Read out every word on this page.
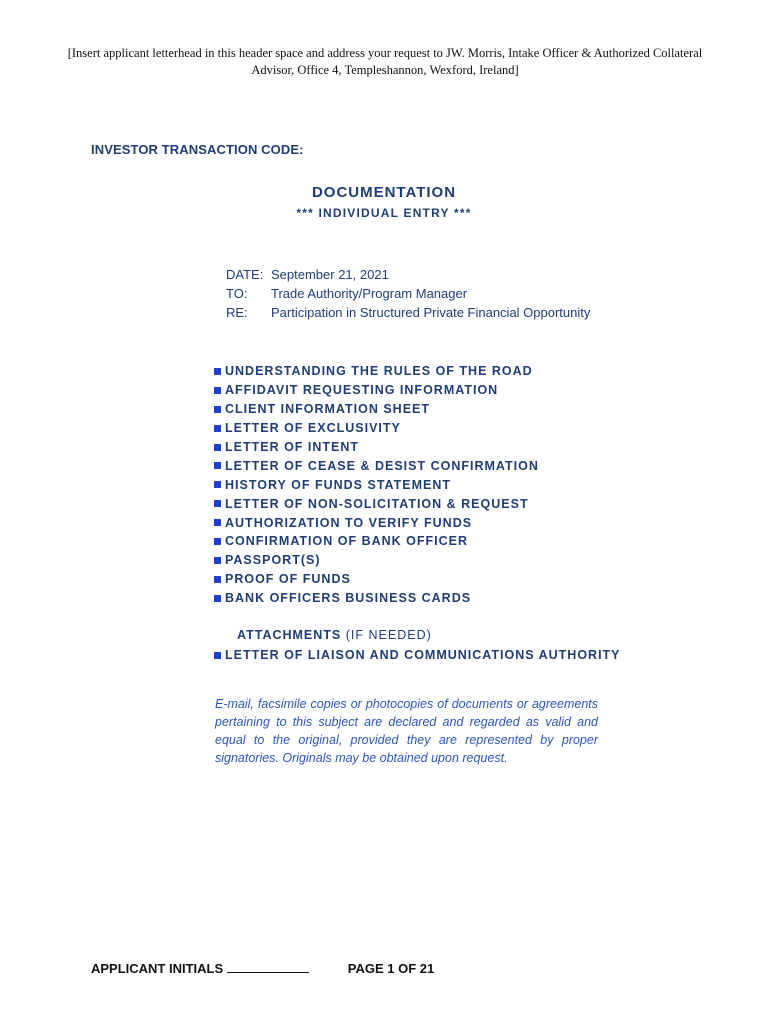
[Insert applicant letterhead in this header space and address your request to JW. Morris, Intake Officer & Authorized Collateral Advisor, Office 4, Templeshannon, Wexford, Ireland]
INVESTOR TRANSACTION CODE:
DOCUMENTATION
*** INDIVIDUAL ENTRY ***
DATE: September 21, 2021
TO:	Trade Authority/Program Manager
RE:	Participation in Structured Private Financial Opportunity
UNDERSTANDING THE RULES OF THE ROAD
AFFIDAVIT REQUESTING INFORMATION
CLIENT INFORMATION SHEET
LETTER OF EXCLUSIVITY
LETTER OF INTENT
LETTER OF CEASE & DESIST CONFIRMATION
HISTORY OF FUNDS STATEMENT
LETTER OF NON-SOLICITATION & REQUEST
AUTHORIZATION TO VERIFY FUNDS
CONFIRMATION OF BANK OFFICER
PASSPORT(S)
PROOF OF FUNDS
BANK OFFICERS BUSINESS CARDS
ATTACHMENTS (IF NEEDED)
LETTER OF LIAISON AND COMMUNICATIONS AUTHORITY

E-mail, facsimile copies or photocopies of documents or agreements pertaining to this subject are declared and regarded as valid and equal to the original, provided they are represented by proper signatories. Originals may be obtained upon request.

APPLICANT INITIALS	PAGE 1 OF 21
